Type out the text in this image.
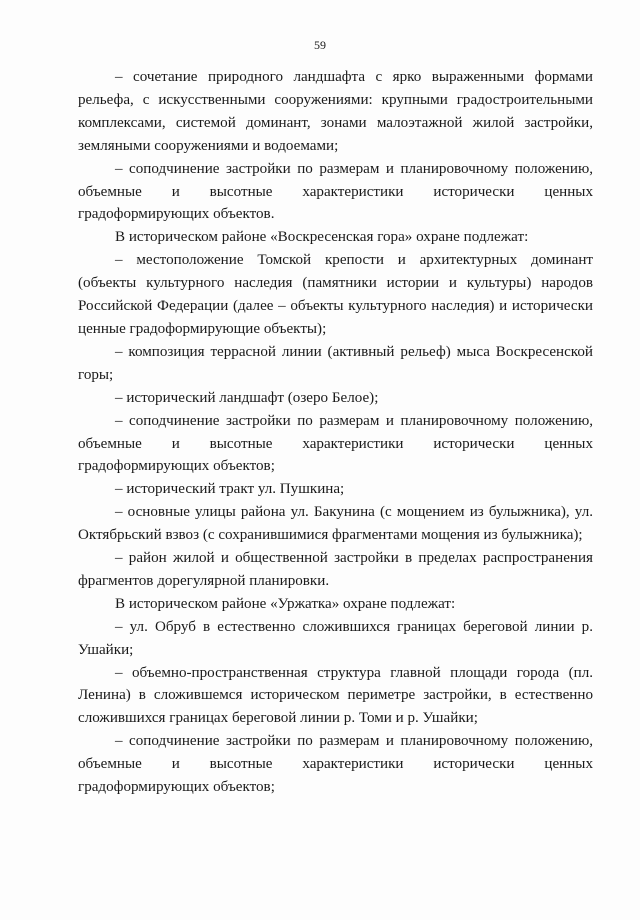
59

– сочетание природного ландшафта с ярко выраженными формами рельефа, с искусственными сооружениями: крупными градостроительными комплексами, системой доминант, зонами малоэтажной жилой застройки, земляными сооружениями и водоемами;

– соподчинение застройки по размерам и планировочному положению, объемные и высотные характеристики исторически ценных градоформирующих объектов.

В историческом районе «Воскресенская гора» охране подлежат:

– местоположение Томской крепости и архитектурных доминант (объекты культурного наследия (памятники истории и культуры) народов Российской Федерации (далее – объекты культурного наследия) и исторически ценные градоформирующие объекты);

– композиция террасной линии (активный рельеф) мыса Воскресенской горы;

– исторический ландшафт (озеро Белое);

– соподчинение застройки по размерам и планировочному положению, объемные и высотные характеристики исторически ценных градоформирующих объектов;

– исторический тракт ул. Пушкина;

– основные улицы района ул. Бакунина (с мощением из булыжника), ул. Октябрьский взвоз (с сохранившимися фрагментами мощения из булыжника);

– район жилой и общественной застройки в пределах распространения фрагментов дорегулярной планировки.

В историческом районе «Уржатка» охране подлежат:

– ул. Обруб в естественно сложившихся границах береговой линии р. Ушайки;

– объемно-пространственная структура главной площади города (пл. Ленина) в сложившемся историческом периметре застройки, в естественно сложившихся границах береговой линии р. Томи и р. Ушайки;

– соподчинение застройки по размерам и планировочному положению, объемные и высотные характеристики исторически ценных градоформирующих объектов;
